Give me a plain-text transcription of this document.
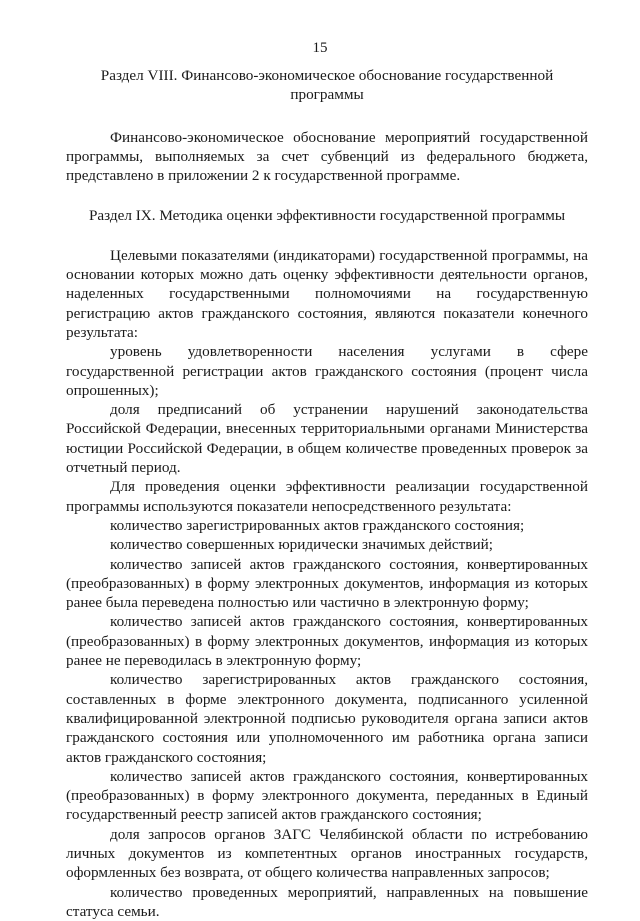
15
Раздел VIII. Финансово-экономическое обоснование государственной программы

Финансово-экономическое обоснование мероприятий государственной программы, выполняемых за счет субвенций из федерального бюджета, представлено в приложении 2 к государственной программе.

Раздел IX. Методика оценки эффективности государственной программы

Целевыми показателями (индикаторами) государственной программы, на основании которых можно дать оценку эффективности деятельности органов, наделенных государственными полномочиями на государственную регистрацию актов гражданского состояния, являются показатели конечного результата:

уровень удовлетворенности населения услугами в сфере государственной регистрации актов гражданского состояния (процент числа опрошенных);

доля предписаний об устранении нарушений законодательства Российской Федерации, внесенных территориальными органами Министерства юстиции Российской Федерации, в общем количестве проведенных проверок за отчетный период.

Для проведения оценки эффективности реализации государственной программы используются показатели непосредственного результата:

количество зарегистрированных актов гражданского состояния;

количество совершенных юридически значимых действий;

количество записей актов гражданского состояния, конвертированных (преобразованных) в форму электронных документов, информация из которых ранее была переведена полностью или частично в электронную форму;

количество записей актов гражданского состояния, конвертированных (преобразованных) в форму электронных документов, информация из которых ранее не переводилась в электронную форму;

количество зарегистрированных актов гражданского состояния, составленных в форме электронного документа, подписанного усиленной квалифицированной электронной подписью руководителя органа записи актов гражданского состояния или уполномоченного им работника органа записи актов гражданского состояния;

количество записей актов гражданского состояния, конвертированных (преобразованных) в форму электронного документа, переданных в Единый государственный реестр записей актов гражданского состояния;

доля запросов органов ЗАГС Челябинской области по истребованию личных документов из компетентных органов иностранных государств, оформленных без возврата, от общего количества направленных запросов;

количество проведенных мероприятий, направленных на повышение статуса семьи.
